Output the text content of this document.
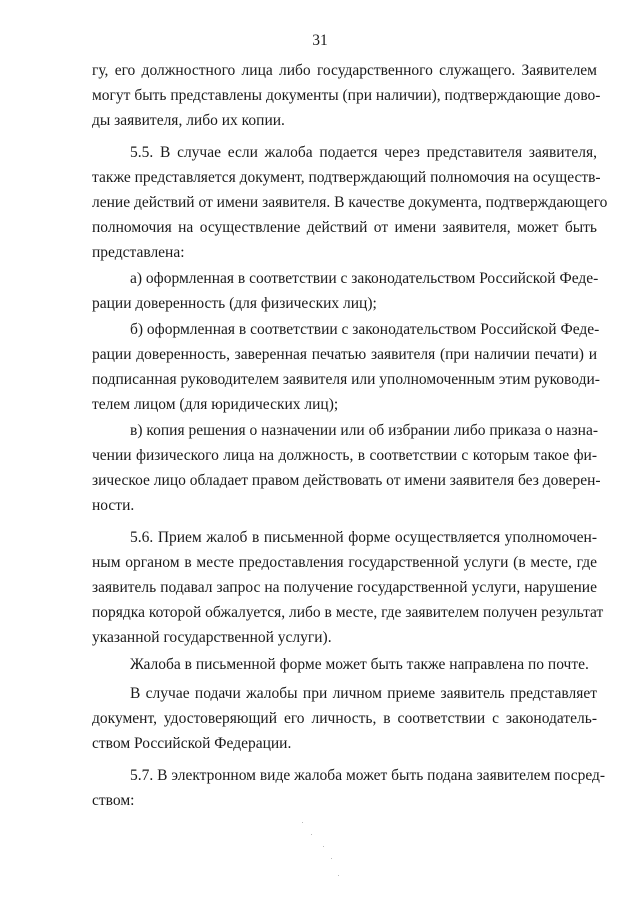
31
гу, его должностного лица либо государственного служащего. Заявителем
могут быть представлены документы (при наличии), подтверждающие дово-
ды заявителя, либо их копии.
5.5. В случае если жалоба подается через представителя заявителя,
также представляется документ, подтверждающий полномочия на осуществ-
ление действий от имени заявителя. В качестве документа, подтверждающего
полномочия на осуществление действий от имени заявителя, может быть
представлена:
а) оформленная в соответствии с законодательством Российской Феде-
рации доверенность (для физических лиц);
б) оформленная в соответствии с законодательством Российской Феде-
рации доверенность, заверенная печатью заявителя (при наличии печати) и
подписанная руководителем заявителя или уполномоченным этим руководи-
телем лицом (для юридических лиц);
в) копия решения о назначении или об избрании либо приказа о назна-
чении физического лица на должность, в соответствии с которым такое фи-
зическое лицо обладает правом действовать от имени заявителя без доверен-
ности.
5.6. Прием жалоб в письменной форме осуществляется уполномочен-
ным органом в месте предоставления государственной услуги (в месте, где
заявитель подавал запрос на получение государственной услуги, нарушение
порядка которой обжалуется, либо в месте, где заявителем получен результат
указанной государственной услуги).
Жалоба в письменной форме может быть также направлена по почте.
В случае подачи жалобы при личном приеме заявитель представляет
документ, удостоверяющий его личность, в соответствии с законодатель-
ством Российской Федерации.
5.7. В электронном виде жалоба может быть подана заявителем посред-
ством:
